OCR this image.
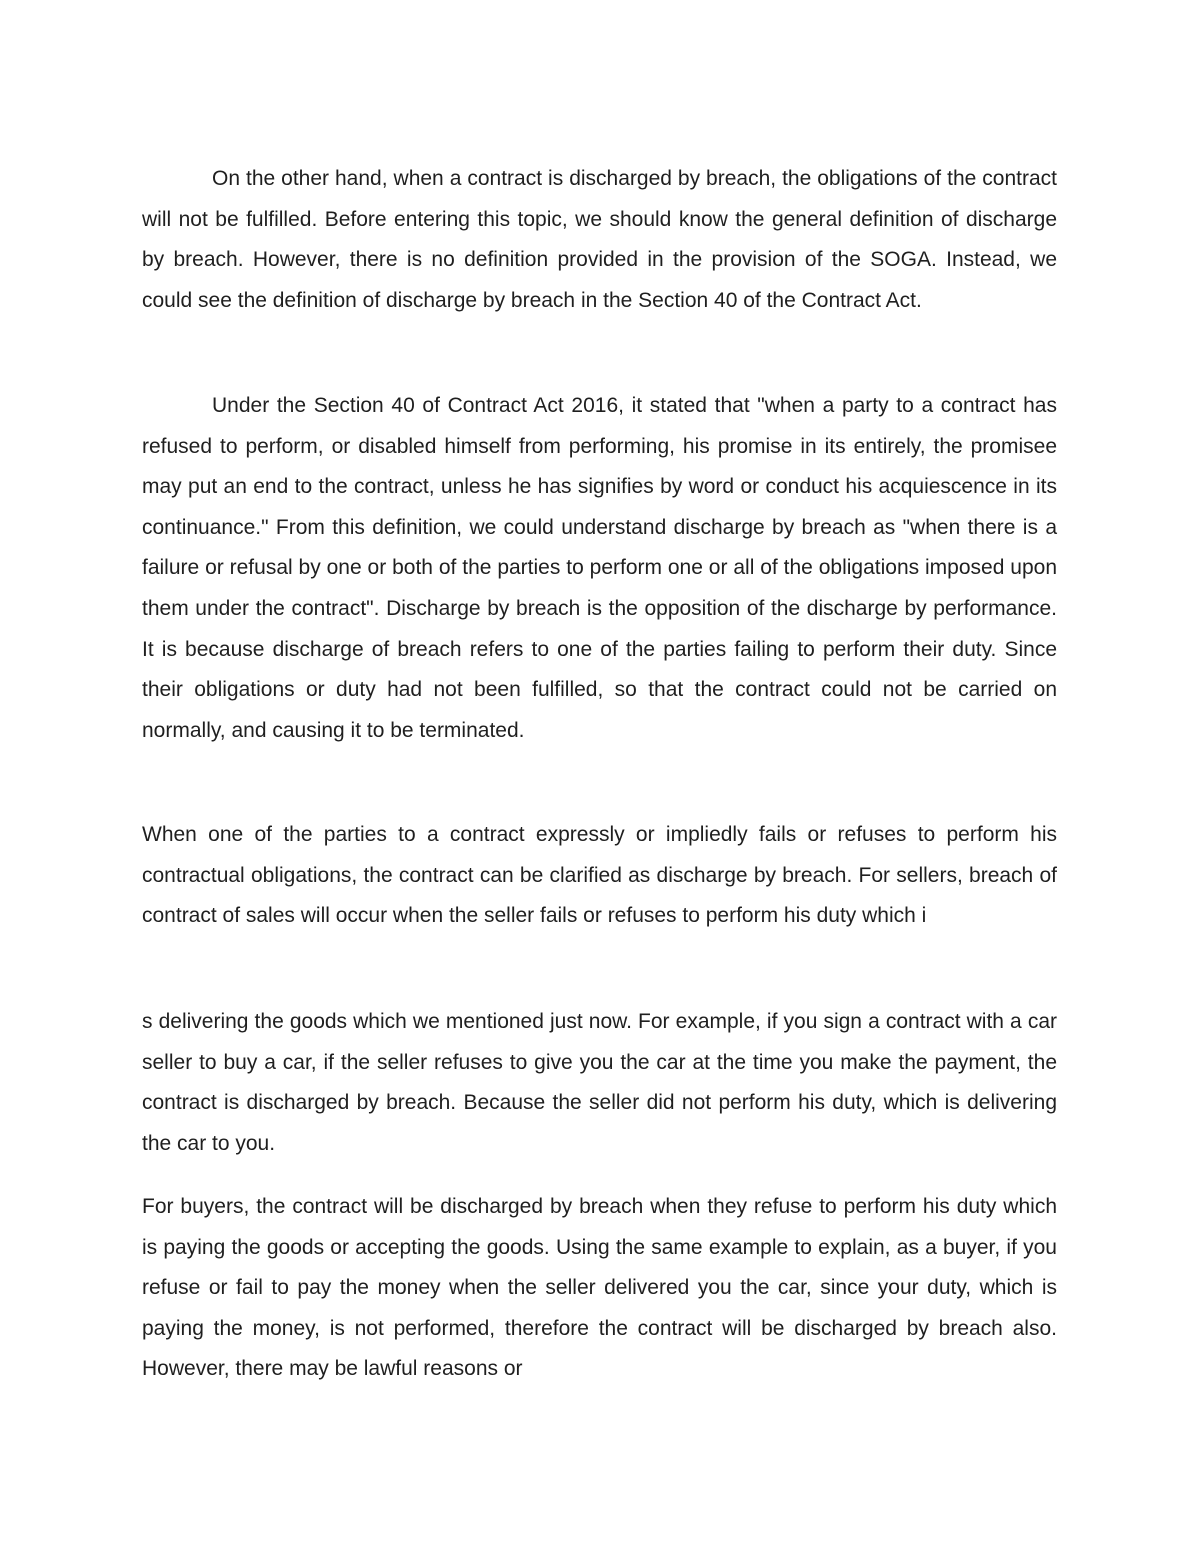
On the other hand, when a contract is discharged by breach, the obligations of the contract will not be fulfilled. Before entering this topic, we should know the general definition of discharge by breach. However, there is no definition provided in the provision of the SOGA. Instead, we could see the definition of discharge by breach in the Section 40 of the Contract Act.

Under the Section 40 of Contract Act 2016, it stated that "when a party to a contract has refused to perform, or disabled himself from performing, his promise in its entirely, the promisee may put an end to the contract, unless he has signifies by word or conduct his acquiescence in its continuance." From this definition, we could understand discharge by breach as "when there is a failure or refusal by one or both of the parties to perform one or all of the obligations imposed upon them under the contract". Discharge by breach is the opposition of the discharge by performance. It is because discharge of breach refers to one of the parties failing to perform their duty. Since their obligations or duty had not been fulfilled, so that the contract could not be carried on normally, and causing it to be terminated.

When one of the parties to a contract expressly or impliedly fails or refuses to perform his contractual obligations, the contract can be clarified as discharge by breach. For sellers, breach of contract of sales will occur when the seller fails or refuses to perform his duty which i

s delivering the goods which we mentioned just now. For example, if you sign a contract with a car seller to buy a car, if the seller refuses to give you the car at the time you make the payment, the contract is discharged by breach. Because the seller did not perform his duty, which is delivering the car to you.

For buyers, the contract will be discharged by breach when they refuse to perform his duty which is paying the goods or accepting the goods. Using the same example to explain, as a buyer, if you refuse or fail to pay the money when the seller delivered you the car, since your duty, which is paying the money, is not performed, therefore the contract will be discharged by breach also. However, there may be lawful reasons or
